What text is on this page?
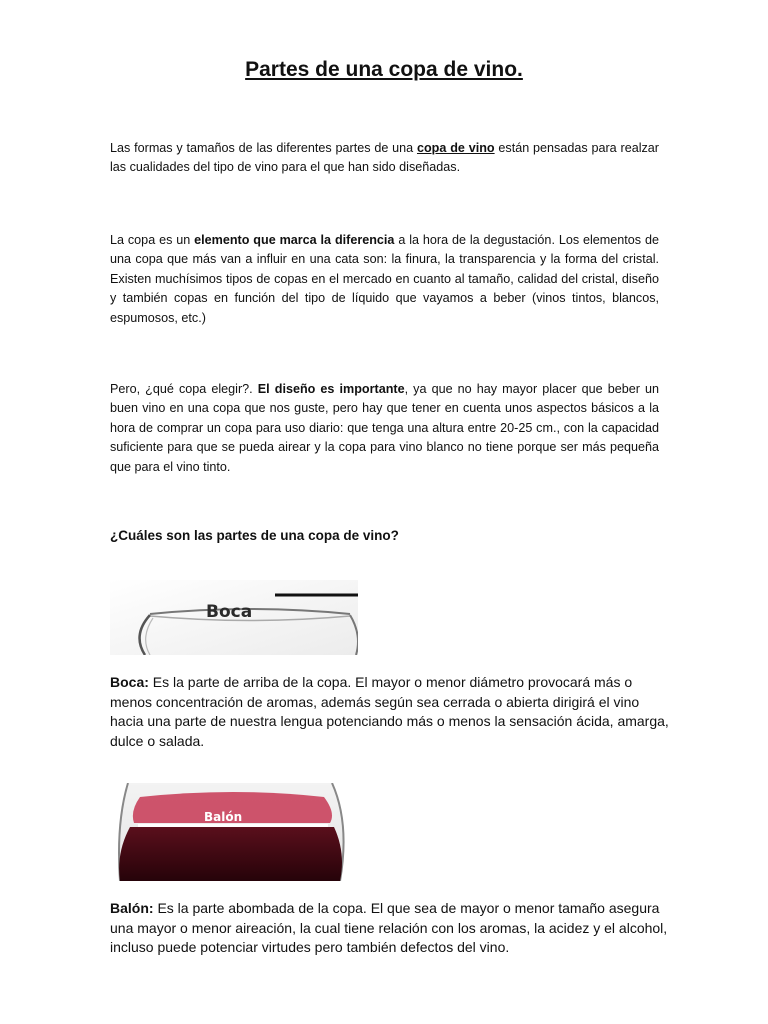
Partes de una copa de vino.

Las formas y tamaños de las diferentes partes de una copa de vino están pensadas para realzar las cualidades del tipo de vino para el que han sido diseñadas.

La copa es un elemento que marca la diferencia a la hora de la degustación. Los elementos de una copa que más van a influir en una cata son: la finura, la transparencia y la forma del cristal. Existen muchísimos tipos de copas en el mercado en cuanto al tamaño, calidad del cristal, diseño y también copas en función del tipo de líquido que vayamos a beber (vinos tintos, blancos, espumosos, etc.)

Pero, ¿qué copa elegir?. El diseño es importante, ya que no hay mayor placer que beber un buen vino en una copa que nos guste, pero hay que tener en cuenta unos aspectos básicos a la hora de comprar un copa para uso diario: que tenga una altura entre 20-25 cm., con la capacidad suficiente para que se pueda airear y la copa para vino blanco no tiene porque ser más pequeña que para el vino tinto.

¿Cuáles son las partes de una copa de vino?
Boca

Boca: Es la parte de arriba de la copa. El mayor o menor diámetro provocará más o menos concentración de aromas, además según sea cerrada o abierta dirigirá el vino hacia una parte de nuestra lengua potenciando más o menos la sensación ácida, amarga, dulce o salada.

Balón

Balón: Es la parte abombada de la copa. El que sea de mayor o menor tamaño asegura una mayor o menor aireación, la cual tiene relación con los aromas, la acidez y el alcohol, incluso puede potenciar virtudes pero también defectos del vino.
